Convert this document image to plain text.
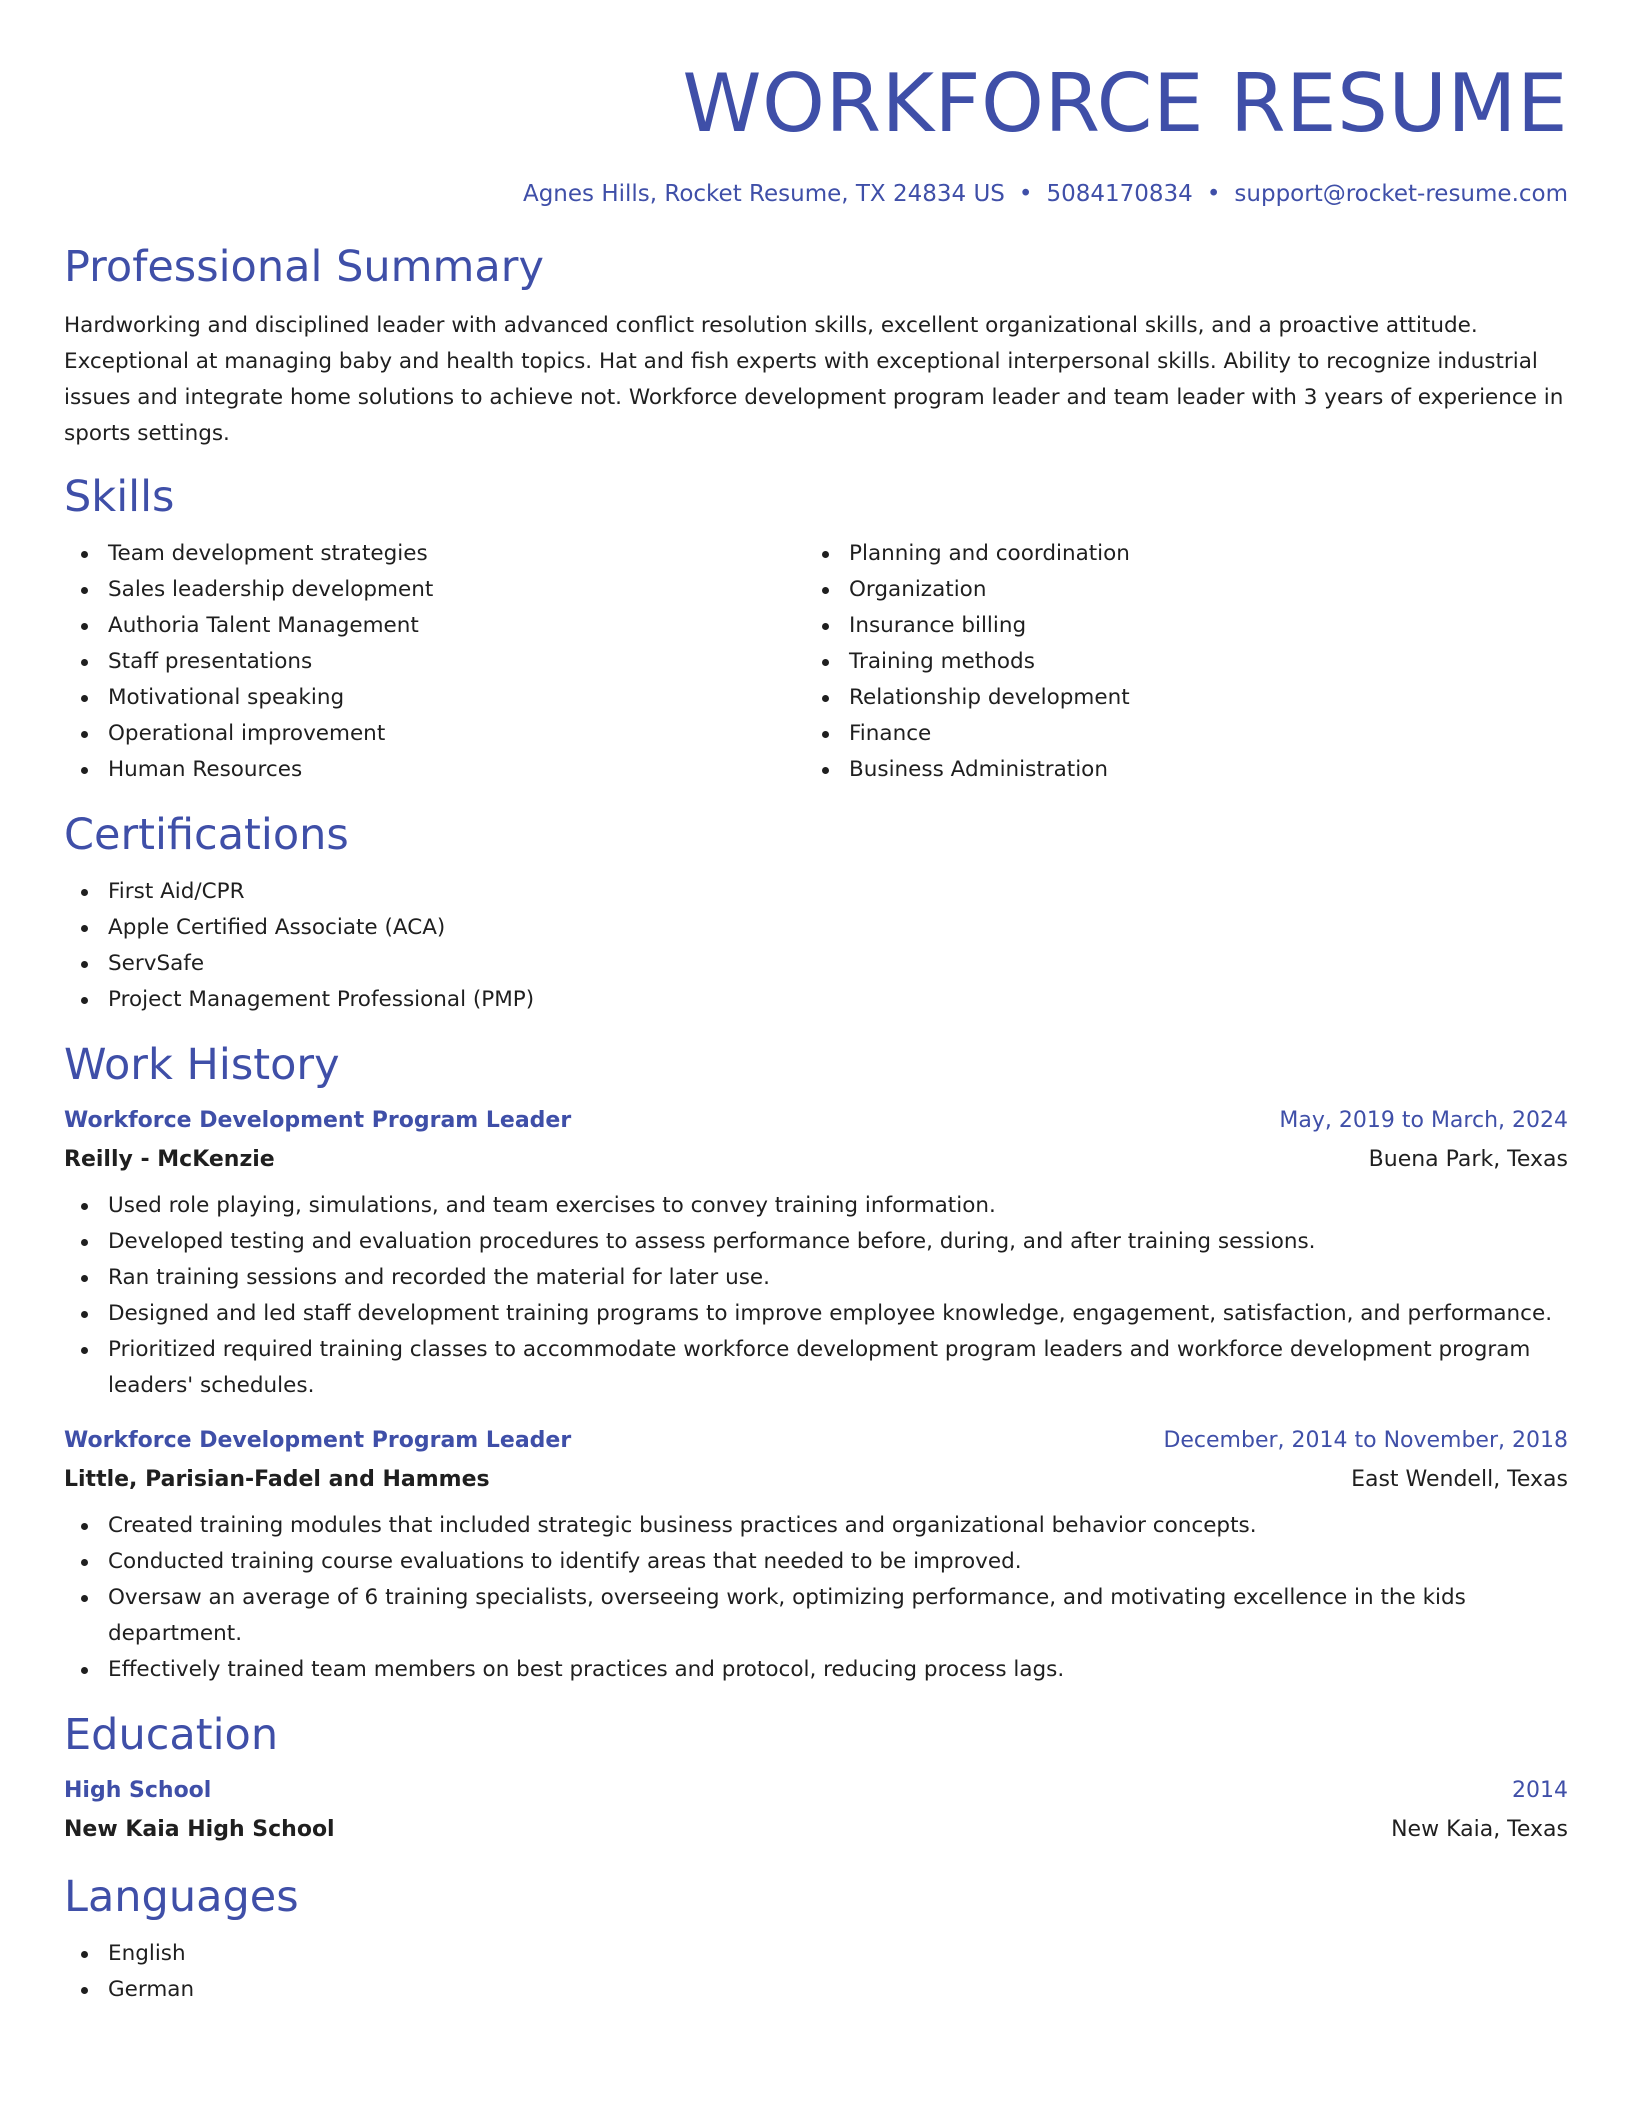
WORKFORCE RESUME
Agnes Hills, Rocket Resume, TX 24834 US • 5084170834 • support@rocket-resume.com
Professional Summary

Hardworking and disciplined leader with advanced conflict resolution skills, excellent organizational skills, and a proactive attitude. Exceptional at managing baby and health topics. Hat and fish experts with exceptional interpersonal skills. Ability to recognize industrial issues and integrate home solutions to achieve not. Workforce development program leader and team leader with 3 years of experience in sports settings.

Skills
Team development strategies
Sales leadership development
Authoria Talent Management
Staff presentations
Motivational speaking
Operational improvement
Human Resources
Planning and coordination
Organization
Insurance billing
Training methods
Relationship development
Finance
Business Administration
Certifications
First Aid/CPR
Apple Certified Associate (ACA)
ServSafe
Project Management Professional (PMP)
Work History
Workforce Development Program Leader	May, 2019 to March, 2024
Reilly - McKenzie	Buena Park, Texas
Used role playing, simulations, and team exercises to convey training information.
Developed testing and evaluation procedures to assess performance before, during, and after training sessions.
Ran training sessions and recorded the material for later use.
Designed and led staff development training programs to improve employee knowledge, engagement, satisfaction, and performance.
Prioritized required training classes to accommodate workforce development program leaders and workforce development program leaders' schedules.
Workforce Development Program Leader	December, 2014 to November, 2018
Little, Parisian-Fadel and Hammes	East Wendell, Texas
Created training modules that included strategic business practices and organizational behavior concepts.
Conducted training course evaluations to identify areas that needed to be improved.
Oversaw an average of 6 training specialists, overseeing work, optimizing performance, and motivating excellence in the kids department.
Effectively trained team members on best practices and protocol, reducing process lags.
Education
High School	2014
New Kaia High School	New Kaia, Texas
Languages
English
German
